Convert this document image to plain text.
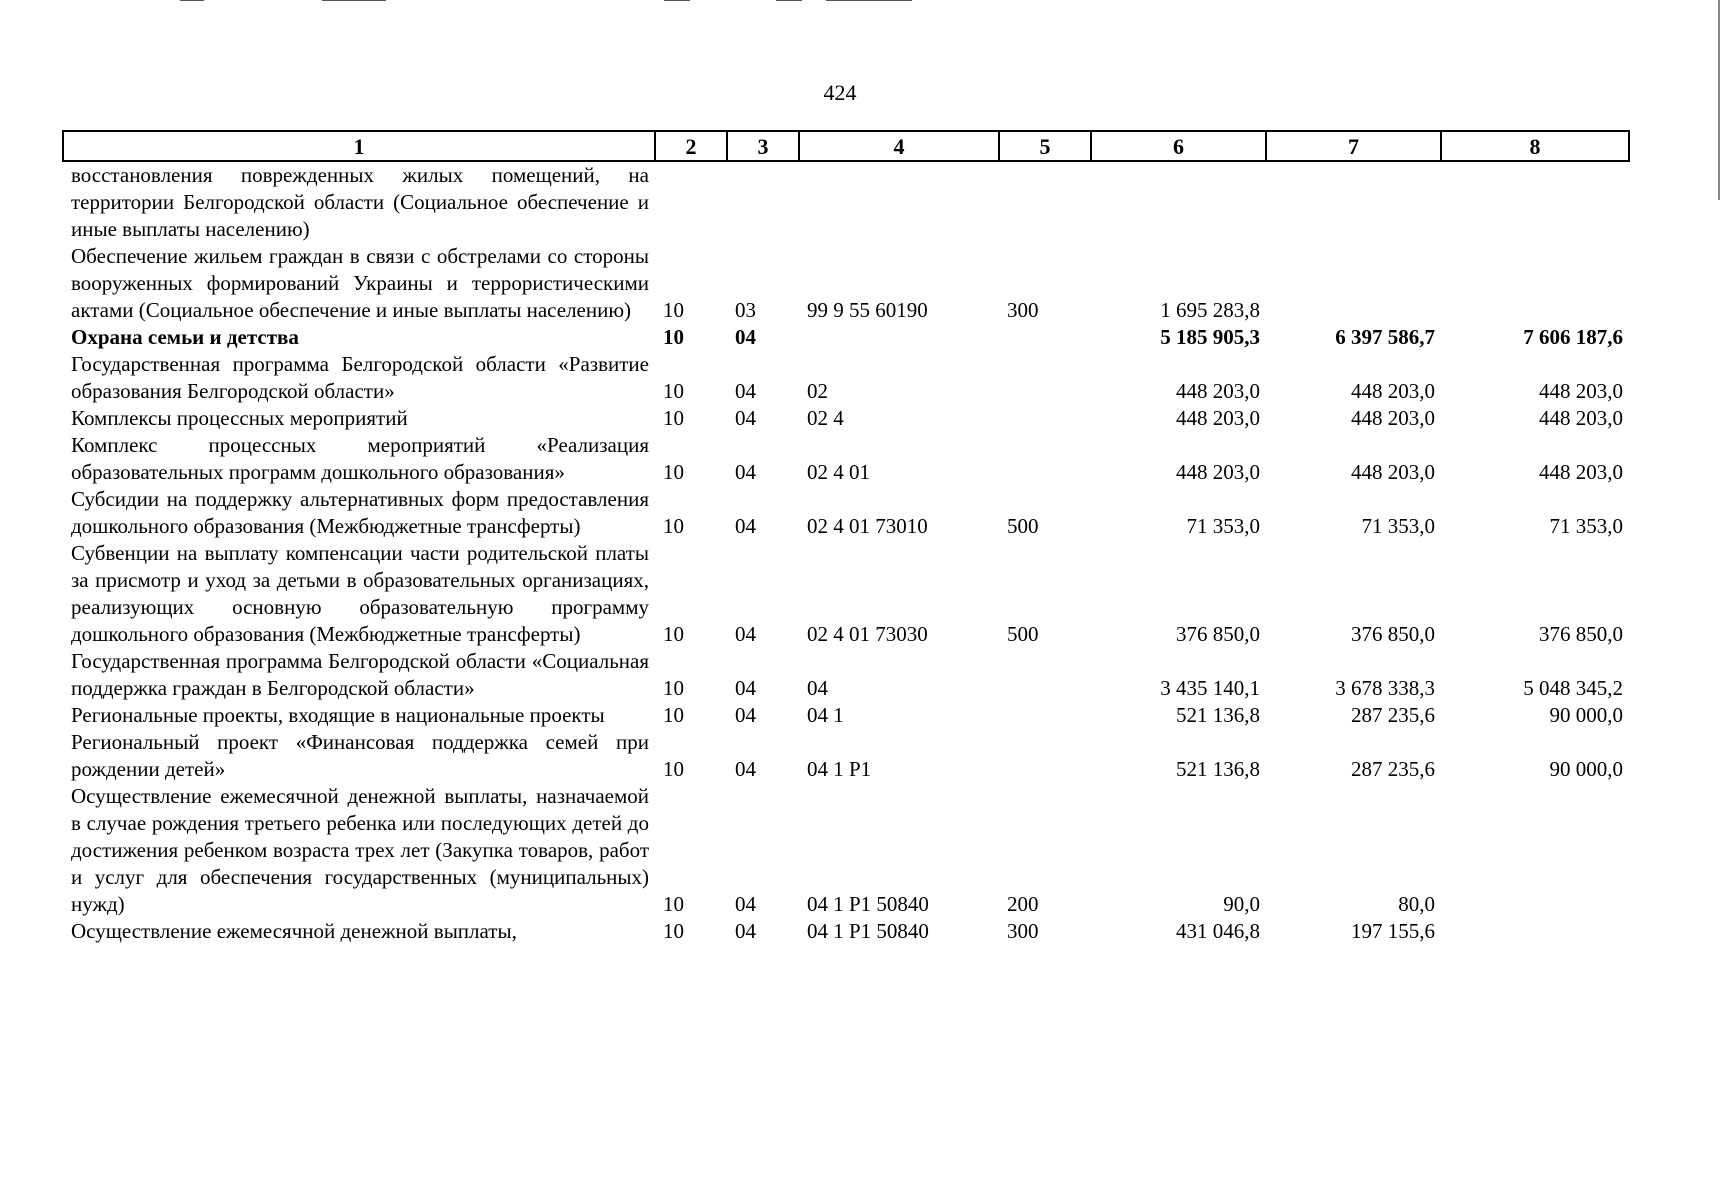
424
1	2	3	4	5	6	7	8
восстановления поврежденных жилых помещений, на территории Белгородской области (Социальное обеспечение и иные выплаты населению)							
Обеспечение жильем граждан в связи с обстрелами со стороны вооруженных формирований Украины и террористическими актами (Социальное обеспечение и иные выплаты населению)	10	03	99 9 55 60190	300	1 695 283,8		
Охрана семьи и детства	10	04			5 185 905,3	6 397 586,7	7 606 187,6
Государственная программа Белгородской области «Развитие образования Белгородской области»	10	04	02		448 203,0	448 203,0	448 203,0
Комплексы процессных мероприятий	10	04	02 4		448 203,0	448 203,0	448 203,0
Комплекс процессных мероприятий «Реализация образовательных программ дошкольного образования»	10	04	02 4 01		448 203,0	448 203,0	448 203,0
Субсидии на поддержку альтернативных форм предоставления дошкольного образования (Межбюджетные трансферты)	10	04	02 4 01 73010	500	71 353,0	71 353,0	71 353,0
Субвенции на выплату компенсации части родительской платы за присмотр и уход за детьми в образовательных организациях, реализующих основную образовательную программу дошкольного образования (Межбюджетные трансферты)	10	04	02 4 01 73030	500	376 850,0	376 850,0	376 850,0
Государственная программа Белгородской области «Социальная поддержка граждан в Белгородской области»	10	04	04		3 435 140,1	3 678 338,3	5 048 345,2
Региональные проекты, входящие в национальные проекты	10	04	04 1		521 136,8	287 235,6	90 000,0
Региональный проект «Финансовая поддержка семей при рождении детей»	10	04	04 1 P1		521 136,8	287 235,6	90 000,0
Осуществление ежемесячной денежной выплаты, назначаемой в случае рождения третьего ребенка или последующих детей до достижения ребенком возраста трех лет (Закупка товаров, работ и услуг для обеспечения государственных (муниципальных) нужд)	10	04	04 1 P1 50840	200	90,0	80,0	
Осуществление ежемесячной денежной выплаты,	10	04	04 1 P1 50840	300	431 046,8	197 155,6	
